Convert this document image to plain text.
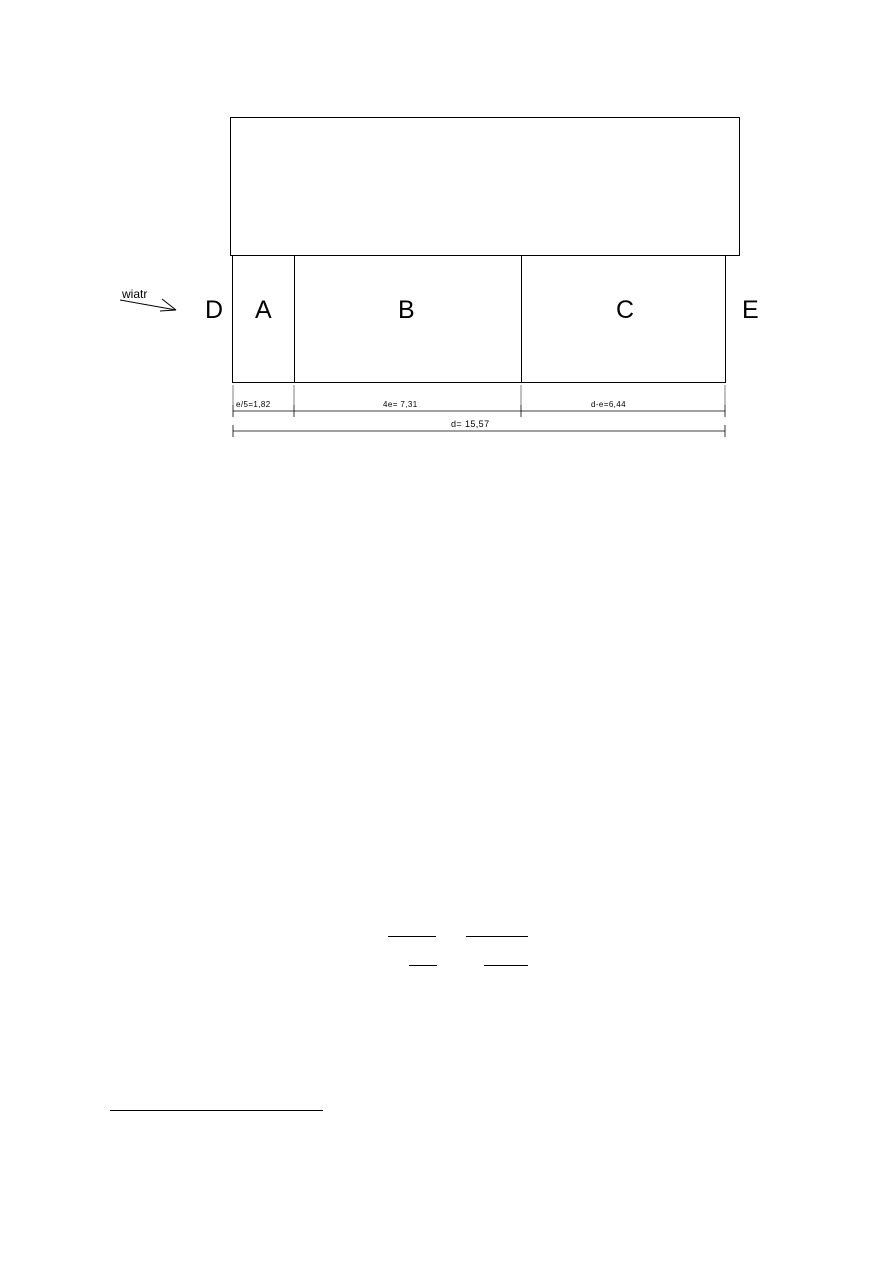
D A	B	C	E
wiatr
e/5=1,82	4e= 7,31	d-e=6,44
d= 15,57
